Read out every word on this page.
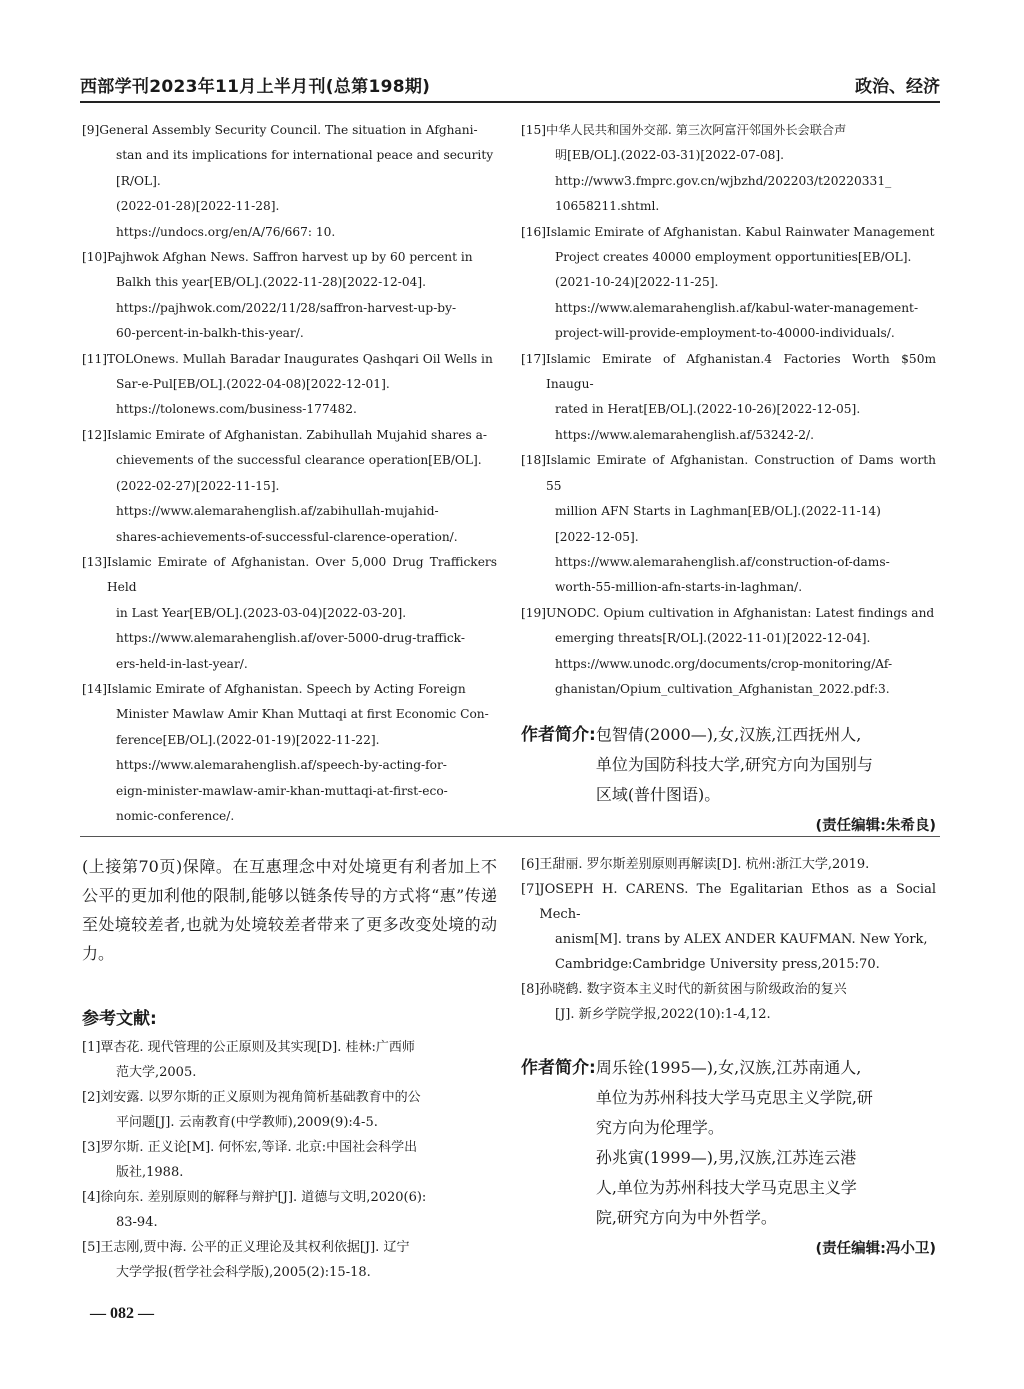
西部学刊2023年11月上半月刊(总第198期)	政治、经济
[9] General Assembly Security Council. The situation in Afghani-
stan and its implications for international peace and security
[R/OL].
(2022-01-28)[2022-11-28].
https://undocs.org/en/A/76/667: 10.
[10] Pajhwok Afghan News. Saffron harvest up by 60 percent in
Balkh this year[EB/OL].(2022-11-28)[2022-12-04].
https://pajhwok.com/2022/11/28/saffron-harvest-up-by-
60-percent-in-balkh-this-year/.
[11] TOLOnews. Mullah Baradar Inaugurates Qashqari Oil Wells in
Sar-e-Pul[EB/OL].(2022-04-08)[2022-12-01].
https://tolonews.com/business-177482.
[12] Islamic Emirate of Afghanistan. Zabihullah Mujahid shares a-
chievements of the successful clearance operation[EB/OL].
(2022-02-27)[2022-11-15].
https://www.alemarahenglish.af/zabihullah-mujahid-
shares-achievements-of-successful-clarence-operation/.
[13] Islamic Emirate of Afghanistan. Over 5,000 Drug Traffickers Held
in Last Year[EB/OL].(2023-03-04)[2022-03-20].
https://www.alemarahenglish.af/over-5000-drug-traffick-
ers-held-in-last-year/.
[14] Islamic Emirate of Afghanistan. Speech by Acting Foreign
Minister Mawlaw Amir Khan Muttaqi at first Economic Con-
ference[EB/OL].(2022-01-19)[2022-11-22].
https://www.alemarahenglish.af/speech-by-acting-for-
eign-minister-mawlaw-amir-khan-muttaqi-at-first-eco-
nomic-conference/.
[15] 中华人民共和国外交部. 第三次阿富汗邻国外长会联合声
明[EB/OL].(2022-03-31)[2022-07-08].
http://www3.fmprc.gov.cn/wjbzhd/202203/t20220331_
10658211.shtml.
[16] Islamic Emirate of Afghanistan. Kabul Rainwater Management
Project creates 40000 employment opportunities[EB/OL].
(2021-10-24)[2022-11-25].
https://www.alemarahenglish.af/kabul-water-management-
project-will-provide-employment-to-40000-individuals/.
[17] Islamic Emirate of Afghanistan.4 Factories Worth $50m Inaugu-
rated in Herat[EB/OL].(2022-10-26)[2022-12-05].
https://www.alemarahenglish.af/53242-2/.
[18] Islamic Emirate of Afghanistan. Construction of Dams worth 55
million AFN Starts in Laghman[EB/OL].(2022-11-14)
[2022-12-05].
https://www.alemarahenglish.af/construction-of-dams-
worth-55-million-afn-starts-in-laghman/.
[19] UNODC. Opium cultivation in Afghanistan: Latest findings and
emerging threats[R/OL].(2022-11-01)[2022-12-04].
https://www.unodc.org/documents/crop-monitoring/Af-
ghanistan/Opium_cultivation_Afghanistan_2022.pdf:3.
作者简介: 包智倩(2000—),女,汉族,江西抚州人,

单位为国防科技大学,研究方向为国别与

区域(普什图语)。

(责任编辑:朱希良)

(上接第70页)保障。在互惠理念中对处境更有利者加上不公平的更加利他的限制,能够以链条传导的方式将“惠”传递至处境较差者,也就为处境较差者带来了更多改变处境的动力。

参考文献:
[1] 覃杏花. 现代管理的公正原则及其实现[D]. 桂林:广西师
范大学,2005.
[2] 刘安露. 以罗尔斯的正义原则为视角简析基础教育中的公
平问题[J]. 云南教育(中学教师),2009(9):4-5.
[3] 罗尔斯. 正义论[M]. 何怀宏,等译. 北京:中国社会科学出
版社,1988.
[4] 徐向东. 差别原则的解释与辩护[J]. 道德与文明,2020(6):
83-94.
[5] 王志刚,贾中海. 公平的正义理论及其权利依据[J]. 辽宁
大学学报(哲学社会科学版),2005(2):15-18.
[6] 王甜丽. 罗尔斯差别原则再解读[D]. 杭州:浙江大学,2019.
[7] JOSEPH H. CARENS. The Egalitarian Ethos as a Social Mech-
anism[M]. trans by ALEX ANDER KAUFMAN. New York,
Cambridge:Cambridge University press,2015:70.
[8] 孙晓鹤. 数字资本主义时代的新贫困与阶级政治的复兴
[J]. 新乡学院学报,2022(10):1-4,12.
作者简介: 周乐铨(1995—),女,汉族,江苏南通人,

单位为苏州科技大学马克思主义学院,研

究方向为伦理学。

孙兆寅(1999—),男,汉族,江苏连云港

人,单位为苏州科技大学马克思主义学

院,研究方向为中外哲学。

(责任编辑:冯小卫)
— 082 —
